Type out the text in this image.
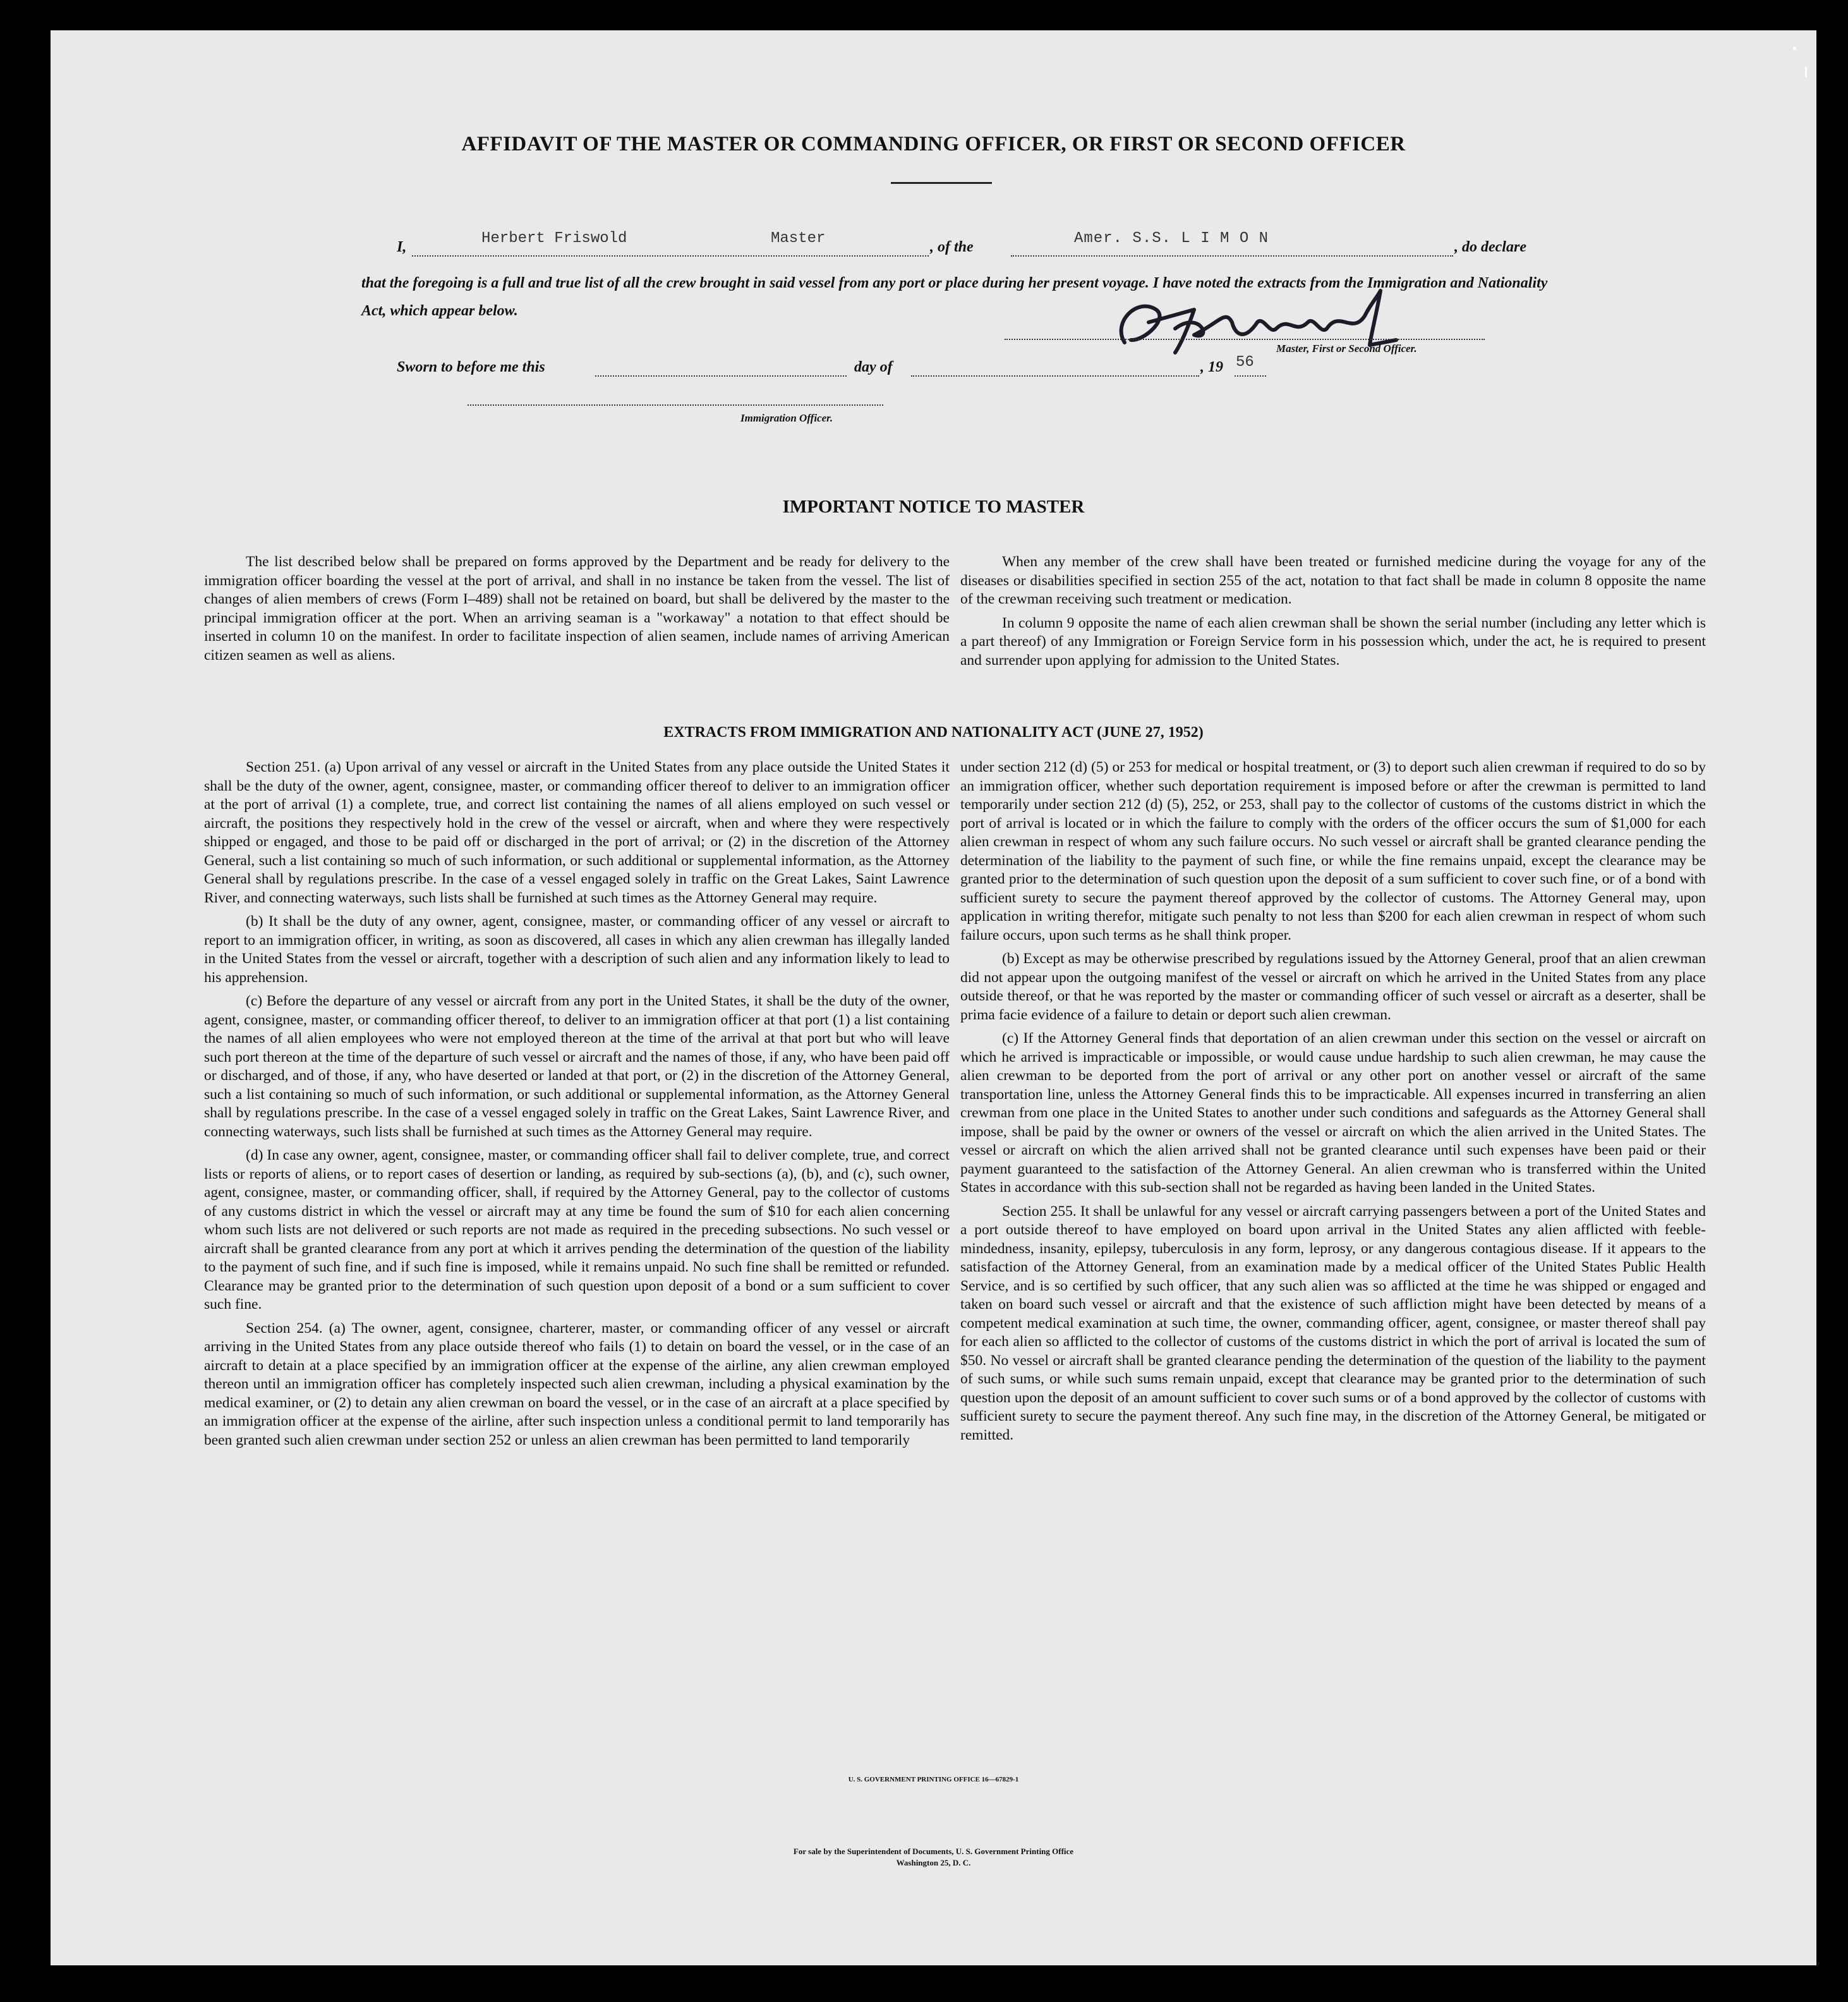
AFFIDAVIT OF THE MASTER OR COMMANDING OFFICER, OR FIRST OR SECOND OFFICER
I,	Herbert Friswold	Master	, of the	Amer. S.S. L I M O N	, do declare
that the foregoing is a full and true list of all the crew brought in said vessel from any port or place during her present voyage. I have noted the extracts from the Immigration and Nationality Act, which appear below.
HFriswold
Master, First or Second Officer.
Sworn to before me this	day of	, 19 56
Immigration Officer.
IMPORTANT NOTICE TO MASTER

The list described below shall be prepared on forms approved by the Department and be ready for delivery to the immigration officer boarding the vessel at the port of arrival, and shall in no instance be taken from the vessel. The list of changes of alien members of crews (Form I–489) shall not be retained on board, but shall be delivered by the master to the principal immigration officer at the port. When an arriving seaman is a "workaway" a notation to that effect should be inserted in column 10 on the manifest. In order to facilitate inspection of alien seamen, include names of arriving American citizen seamen as well as aliens.

When any member of the crew shall have been treated or furnished medicine during the voyage for any of the diseases or disabilities specified in section 255 of the act, notation to that fact shall be made in column 8 opposite the name of the crewman receiving such treatment or medication.

In column 9 opposite the name of each alien crewman shall be shown the serial number (including any letter which is a part thereof) of any Immigration or Foreign Service form in his possession which, under the act, he is required to present and surrender upon applying for admission to the United States.

EXTRACTS FROM IMMIGRATION AND NATIONALITY ACT (JUNE 27, 1952)

Section 251. (a) Upon arrival of any vessel or aircraft in the United States from any place outside the United States it shall be the duty of the owner, agent, consignee, master, or commanding officer thereof to deliver to an immigration officer at the port of arrival (1) a complete, true, and correct list containing the names of all aliens employed on such vessel or aircraft, the positions they respectively hold in the crew of the vessel or aircraft, when and where they were respectively shipped or engaged, and those to be paid off or discharged in the port of arrival; or (2) in the discretion of the Attorney General, such a list containing so much of such information, or such additional or supplemental information, as the Attorney General shall by regulations prescribe. In the case of a vessel engaged solely in traffic on the Great Lakes, Saint Lawrence River, and connecting waterways, such lists shall be furnished at such times as the Attorney General may require.

(b) It shall be the duty of any owner, agent, consignee, master, or commanding officer of any vessel or aircraft to report to an immigration officer, in writing, as soon as discovered, all cases in which any alien crewman has illegally landed in the United States from the vessel or aircraft, together with a description of such alien and any information likely to lead to his apprehension.

(c) Before the departure of any vessel or aircraft from any port in the United States, it shall be the duty of the owner, agent, consignee, master, or commanding officer thereof, to deliver to an immigration officer at that port (1) a list containing the names of all alien employees who were not employed thereon at the time of the arrival at that port but who will leave such port thereon at the time of the departure of such vessel or aircraft and the names of those, if any, who have been paid off or discharged, and of those, if any, who have deserted or landed at that port, or (2) in the discretion of the Attorney General, such a list containing so much of such information, or such additional or supplemental information, as the Attorney General shall by regulations prescribe. In the case of a vessel engaged solely in traffic on the Great Lakes, Saint Lawrence River, and connecting waterways, such lists shall be furnished at such times as the Attorney General may require.

(d) In case any owner, agent, consignee, master, or commanding officer shall fail to deliver complete, true, and correct lists or reports of aliens, or to report cases of desertion or landing, as required by sub-sections (a), (b), and (c), such owner, agent, consignee, master, or commanding officer, shall, if required by the Attorney General, pay to the collector of customs of any customs district in which the vessel or aircraft may at any time be found the sum of $10 for each alien concerning whom such lists are not delivered or such reports are not made as required in the preceding subsections. No such vessel or aircraft shall be granted clearance from any port at which it arrives pending the determination of the question of the liability to the payment of such fine, and if such fine is imposed, while it remains unpaid. No such fine shall be remitted or refunded. Clearance may be granted prior to the determination of such question upon deposit of a bond or a sum sufficient to cover such fine.

Section 254. (a) The owner, agent, consignee, charterer, master, or commanding officer of any vessel or aircraft arriving in the United States from any place outside thereof who fails (1) to detain on board the vessel, or in the case of an aircraft to detain at a place specified by an immigration officer at the expense of the airline, any alien crewman employed thereon until an immigration officer has completely inspected such alien crewman, including a physical examination by the medical examiner, or (2) to detain any alien crewman on board the vessel, or in the case of an aircraft at a place specified by an immigration officer at the expense of the airline, after such inspection unless a conditional permit to land temporarily has been granted such alien crewman under section 252 or unless an alien crewman has been permitted to land temporarily

under section 212 (d) (5) or 253 for medical or hospital treatment, or (3) to deport such alien crewman if required to do so by an immigration officer, whether such deportation requirement is imposed before or after the crewman is permitted to land temporarily under section 212 (d) (5), 252, or 253, shall pay to the collector of customs of the customs district in which the port of arrival is located or in which the failure to comply with the orders of the officer occurs the sum of $1,000 for each alien crewman in respect of whom any such failure occurs. No such vessel or aircraft shall be granted clearance pending the determination of the liability to the payment of such fine, or while the fine remains unpaid, except the clearance may be granted prior to the determination of such question upon the deposit of a sum sufficient to cover such fine, or of a bond with sufficient surety to secure the payment thereof approved by the collector of customs. The Attorney General may, upon application in writing therefor, mitigate such penalty to not less than $200 for each alien crewman in respect of whom such failure occurs, upon such terms as he shall think proper.

(b) Except as may be otherwise prescribed by regulations issued by the Attorney General, proof that an alien crewman did not appear upon the outgoing manifest of the vessel or aircraft on which he arrived in the United States from any place outside thereof, or that he was reported by the master or commanding officer of such vessel or aircraft as a deserter, shall be prima facie evidence of a failure to detain or deport such alien crewman.

(c) If the Attorney General finds that deportation of an alien crewman under this section on the vessel or aircraft on which he arrived is impracticable or impossible, or would cause undue hardship to such alien crewman, he may cause the alien crewman to be deported from the port of arrival or any other port on another vessel or aircraft of the same transportation line, unless the Attorney General finds this to be impracticable. All expenses incurred in transferring an alien crewman from one place in the United States to another under such conditions and safeguards as the Attorney General shall impose, shall be paid by the owner or owners of the vessel or aircraft on which the alien arrived in the United States. The vessel or aircraft on which the alien arrived shall not be granted clearance until such expenses have been paid or their payment guaranteed to the satisfaction of the Attorney General. An alien crewman who is transferred within the United States in accordance with this sub-section shall not be regarded as having been landed in the United States.

Section 255. It shall be unlawful for any vessel or aircraft carrying passengers between a port of the United States and a port outside thereof to have employed on board upon arrival in the United States any alien afflicted with feeble-mindedness, insanity, epilepsy, tuberculosis in any form, leprosy, or any dangerous contagious disease. If it appears to the satisfaction of the Attorney General, from an examination made by a medical officer of the United States Public Health Service, and is so certified by such officer, that any such alien was so afflicted at the time he was shipped or engaged and taken on board such vessel or aircraft and that the existence of such affliction might have been detected by means of a competent medical examination at such time, the owner, commanding officer, agent, consignee, or master thereof shall pay for each alien so afflicted to the collector of customs of the customs district in which the port of arrival is located the sum of $50. No vessel or aircraft shall be granted clearance pending the determination of the question of the liability to the payment of such sums, or while such sums remain unpaid, except that clearance may be granted prior to the determination of such question upon the deposit of an amount sufficient to cover such sums or of a bond approved by the collector of customs with sufficient surety to secure the payment thereof. Any such fine may, in the discretion of the Attorney General, be mitigated or remitted.

U. S. GOVERNMENT PRINTING OFFICE 16—67829-1
For sale by the Superintendent of Documents, U. S. Government Printing Office
Washington 25, D. C.
